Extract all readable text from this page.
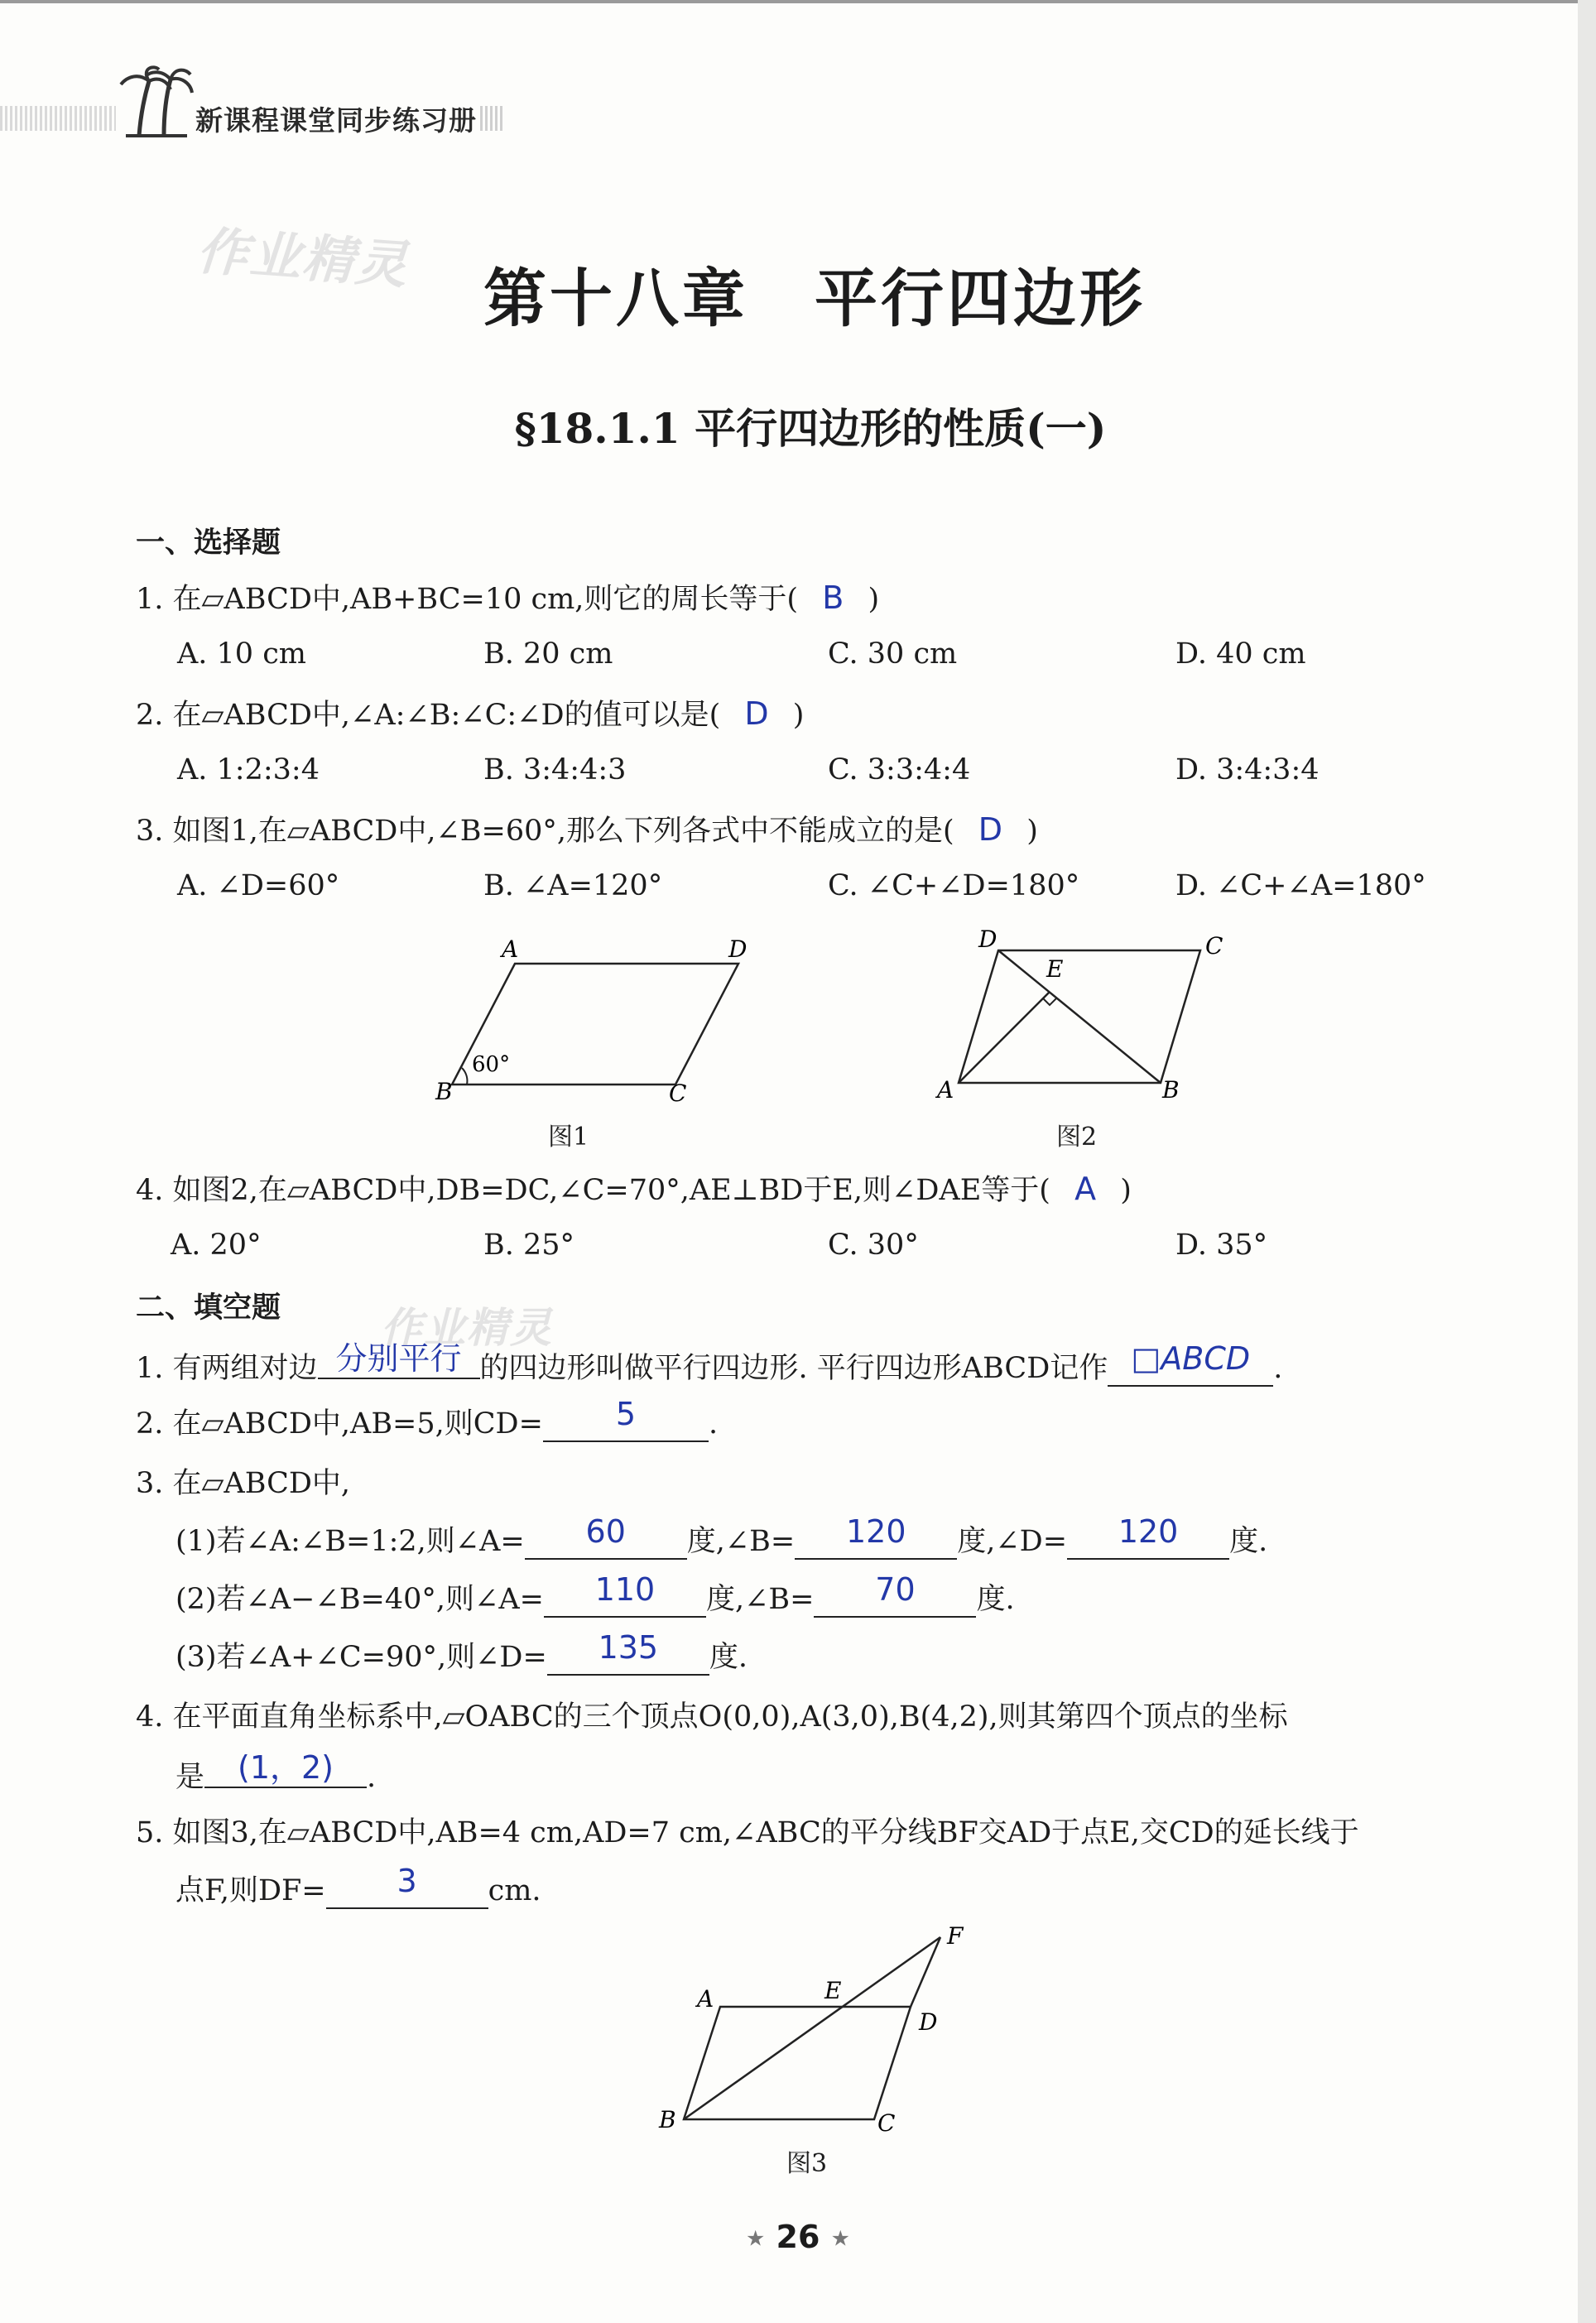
新课程课堂同步练习册
作业精灵
第十八章　平行四边形
§18.1.1 平行四边形的性质(一)
一、选择题
1. 在▱ABCD中,AB+BC=10 cm,则它的周长等于( B )
A. 10 cm	B. 20 cm	C. 30 cm	D. 40 cm
2. 在▱ABCD中,∠A:∠B:∠C:∠D的值可以是( D )
A. 1:2:3:4	B. 3:4:4:3	C. 3:3:4:4	D. 3:4:3:4
3. 如图1,在▱ABCD中,∠B=60°,那么下列各式中不能成立的是( D )
A. ∠D=60°	B. ∠A=120°	C. ∠C+∠D=180°	D. ∠C+∠A=180°
A	D
B	C
60°
图1
D	C
E
A	B
图2
4. 如图2,在▱ABCD中,DB=DC,∠C=70°,AE⊥BD于E,则∠DAE等于( A )
A. 20°	B. 25°	C. 30°	D. 35°
二、填空题 作业精灵
1. 有两组对边 分别平行 的四边形叫做平行四边形. 平行四边形ABCD记作 □ABCD .
2. 在▱ABCD中,AB=5,则CD= 5	.
3. 在▱ABCD中,
(1)若∠A:∠B=1:2,则∠A= 60 度,∠B= 120 度,∠D= 120 度.
(2)若∠A−∠B=40°,则∠A= 110 度,∠B= 70 度.
(3)若∠A+∠C=90°,则∠D= 135 度.
4. 在平面直角坐标系中,▱OABC的三个顶点O(0,0),A(3,0),B(4,2),则其第四个顶点的坐标
是 (1，2) .
5. 如图3,在▱ABCD中,AB=4 cm,AD=7 cm,∠ABC的平分线BF交AD于点E,交CD的延长线于
点F,则DF= 3 cm.
F
E
A
D
B	C
图3
★ 26 ★
